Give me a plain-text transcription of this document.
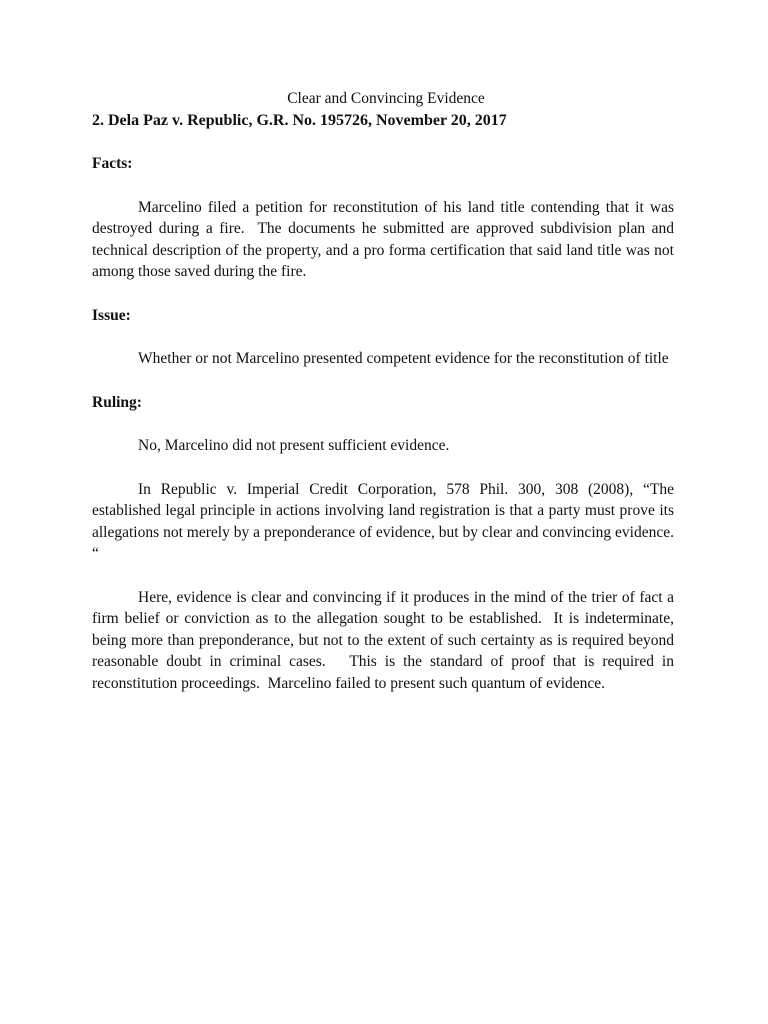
Clear and Convincing Evidence

2. Dela Paz v. Republic, G.R. No. 195726, November 20, 2017

Facts:

Marcelino filed a petition for reconstitution of his land title contending that it was destroyed during a fire.  The documents he submitted are approved subdivision plan and technical description of the property, and a pro forma certification that said land title was not among those saved during the fire.

Issue:

Whether or not Marcelino presented competent evidence for the reconstitution of title

Ruling:

No, Marcelino did not present sufficient evidence.

In Republic v. Imperial Credit Corporation, 578 Phil. 300, 308 (2008), “The established legal principle in actions involving land registration is that a party must prove its allegations not merely by a preponderance of evidence, but by clear and convincing evidence.        “

Here, evidence is clear and convincing if it produces in the mind of the trier of fact a firm belief or conviction as to the allegation sought to be established.  It is indeterminate, being more than preponderance, but not to the extent of such certainty as is required beyond reasonable doubt in criminal cases.   This is the standard of proof that is required in reconstitution proceedings.  Marcelino failed to present such quantum of evidence.
